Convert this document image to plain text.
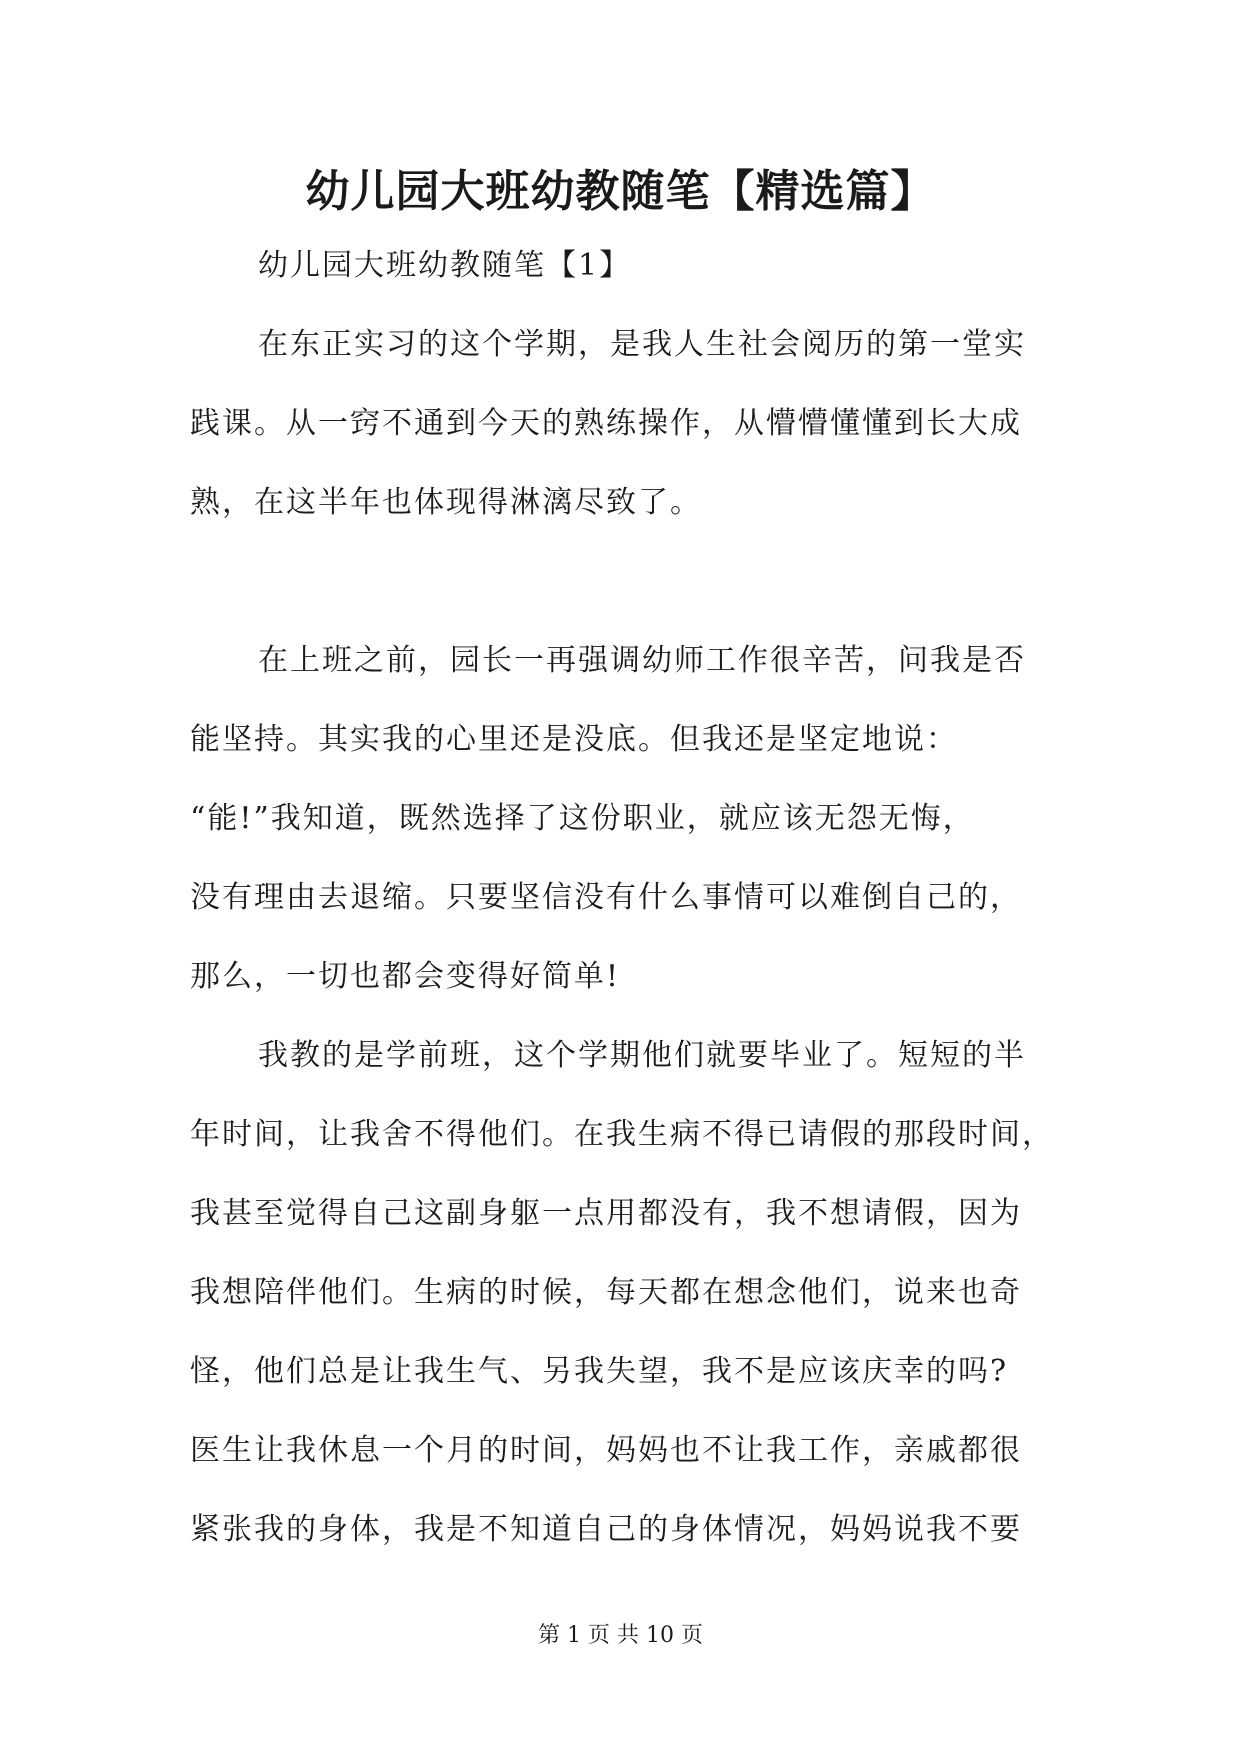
幼儿园大班幼教随笔【精选篇】
幼儿园大班幼教随笔【1】
在东正实习的这个学期，是我人生社会阅历的第一堂实
践课。从一窍不通到今天的熟练操作，从懵懵懂懂到长大成
熟，在这半年也体现得淋漓尽致了。
在上班之前，园长一再强调幼师工作很辛苦，问我是否
能坚持。其实我的心里还是没底。但我还是坚定地说：
“能!”我知道，既然选择了这份职业，就应该无怨无悔，
没有理由去退缩。只要坚信没有什么事情可以难倒自己的，
那么，一切也都会变得好简单!
我教的是学前班，这个学期他们就要毕业了。短短的半
年时间，让我舍不得他们。在我生病不得已请假的那段时间，
我甚至觉得自己这副身躯一点用都没有，我不想请假，因为
我想陪伴他们。生病的时候，每天都在想念他们，说来也奇
怪，他们总是让我生气、另我失望，我不是应该庆幸的吗?
医生让我休息一个月的时间，妈妈也不让我工作，亲戚都很
紧张我的身体，我是不知道自己的身体情况，妈妈说我不要
第 1 页 共 10 页
